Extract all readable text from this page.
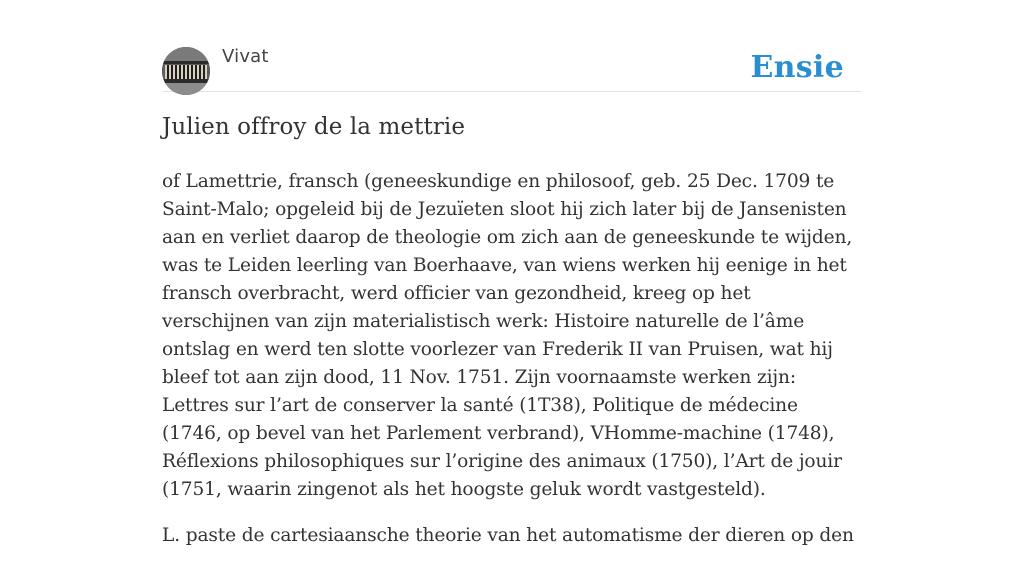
Vivat	Ensie
Julien offroy de la mettrie

of Lamettrie, fransch (geneeskundige en philosoof, geb. 25 Dec. 1709 te Saint-Malo; opgeleid bij de Jezuïeten sloot hij zich later bij de Jansenisten aan en verliet daarop de theologie om zich aan de geneeskunde te wijden, was te Leiden leerling van Boerhaave, van wiens werken hij eenige in het fransch overbracht, werd officier van gezondheid, kreeg op het verschijnen van zijn materialistisch werk: Histoire naturelle de l’âme ontslag en werd ten slotte voorlezer van Frederik II van Pruisen, wat hij bleef tot aan zijn dood, 11 Nov. 1751. Zijn voornaamste werken zijn: Lettres sur l’art de conserver la santé (1T38), Politique de médecine (1746, op bevel van het Parlement verbrand), VHomme-machine (1748), Réflexions philosophiques sur l’origine des animaux (1750), l’Art de jouir (1751, waarin zingenot als het hoogste geluk wordt vastgesteld).

L. paste de cartesiaansche theorie van het automatisme der dieren op den
